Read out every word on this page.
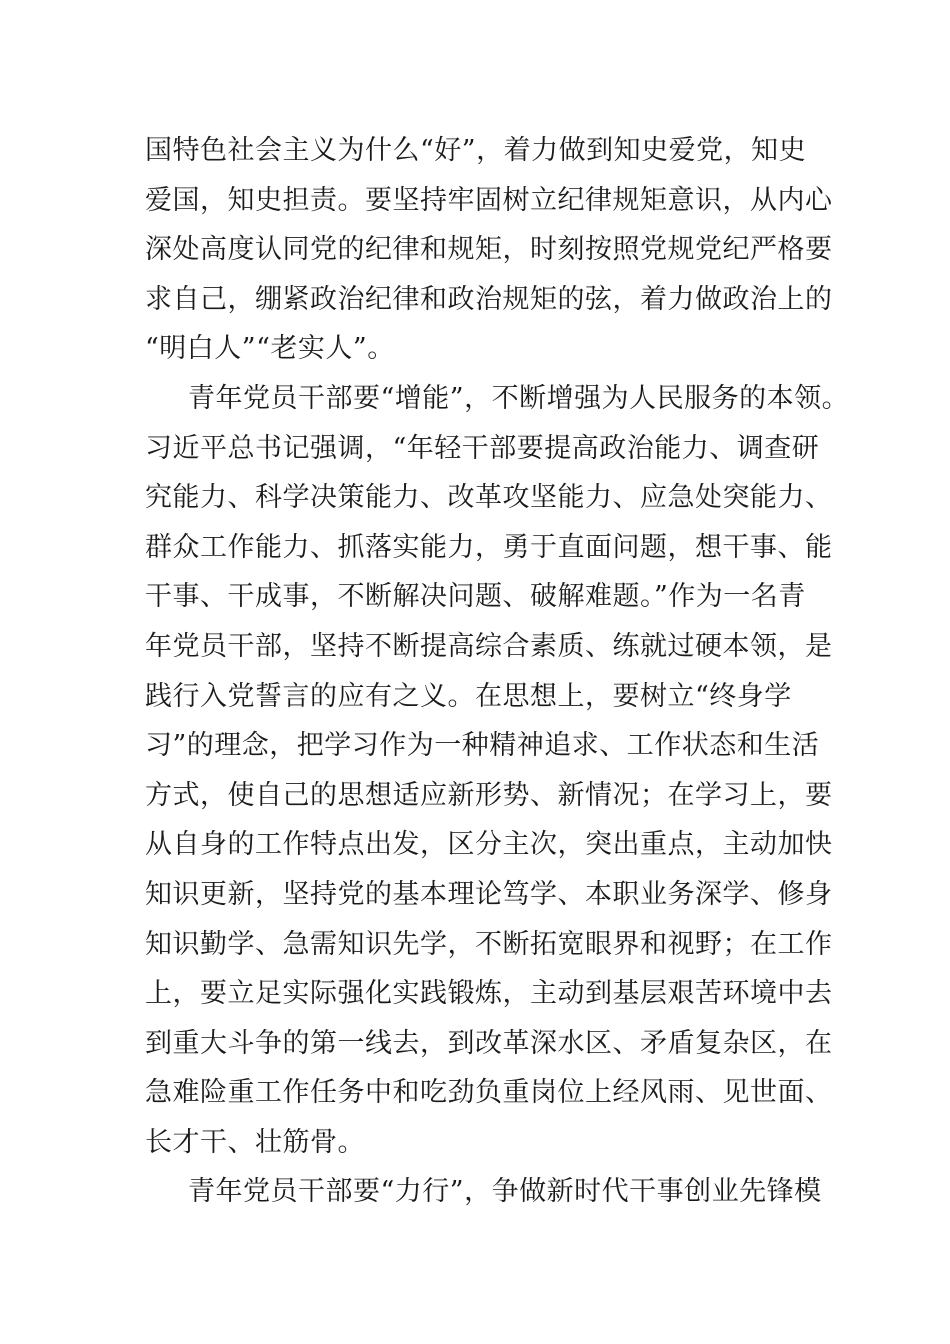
国特色社会主义为什么“好”，着力做到知史爱党，知史
爱国，知史担责。要坚持牢固树立纪律规矩意识，从内心
深处高度认同党的纪律和规矩，时刻按照党规党纪严格要
求自己，绷紧政治纪律和政治规矩的弦，着力做政治上的
“明白人”“老实人”。
青年党员干部要“增能”，不断增强为人民服务的本领。
习近平总书记强调，“年轻干部要提高政治能力、调查研
究能力、科学决策能力、改革攻坚能力、应急处突能力、
群众工作能力、抓落实能力，勇于直面问题，想干事、能
干事、干成事，不断解决问题、破解难题。”作为一名青
年党员干部，坚持不断提高综合素质、练就过硬本领，是
践行入党誓言的应有之义。在思想上，要树立“终身学
习”的理念，把学习作为一种精神追求、工作状态和生活
方式，使自己的思想适应新形势、新情况；在学习上，要
从自身的工作特点出发，区分主次，突出重点，主动加快
知识更新，坚持党的基本理论笃学、本职业务深学、修身
知识勤学、急需知识先学，不断拓宽眼界和视野；在工作
上，要立足实际强化实践锻炼，主动到基层艰苦环境中去
到重大斗争的第一线去，到改革深水区、矛盾复杂区，在
急难险重工作任务中和吃劲负重岗位上经风雨、见世面、
长才干、壮筋骨。
青年党员干部要“力行”，争做新时代干事创业先锋模
